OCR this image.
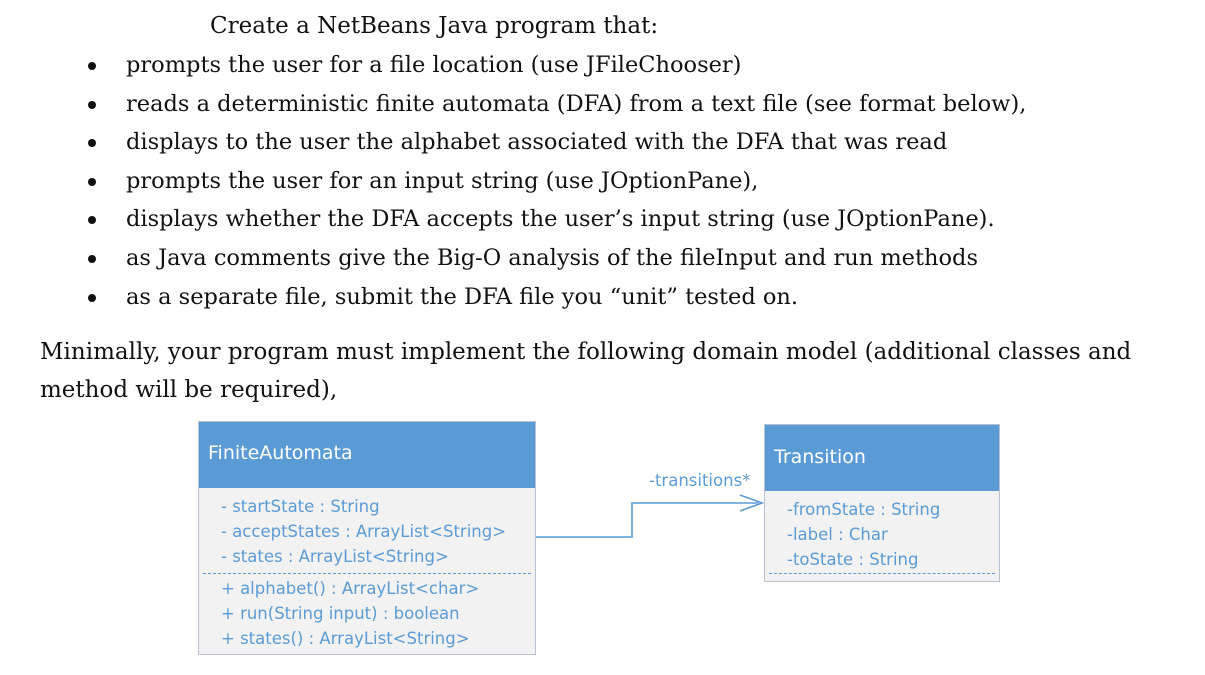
Create a NetBeans Java program that:
prompts the user for a file location (use JFileChooser)
reads a deterministic finite automata (DFA) from a text file (see format below),
displays to the user the alphabet associated with the DFA that was read
prompts the user for an input string (use JOptionPane),
displays whether the DFA accepts the user’s input string (use JOptionPane).
as Java comments give the Big-O analysis of the fileInput and run methods
as a separate file, submit the DFA file you “unit” tested on.
Minimally, your program must implement the following domain model (additional classes and method will be required),
-transitions*
FiniteAutomata
- startState : String
- acceptStates : ArrayList<String>
- states : ArrayList<String>
+ alphabet() : ArrayList<char>
+ run(String input) : boolean
+ states() : ArrayList<String>
Transition
-fromState : String
-label : Char
-toState : String
